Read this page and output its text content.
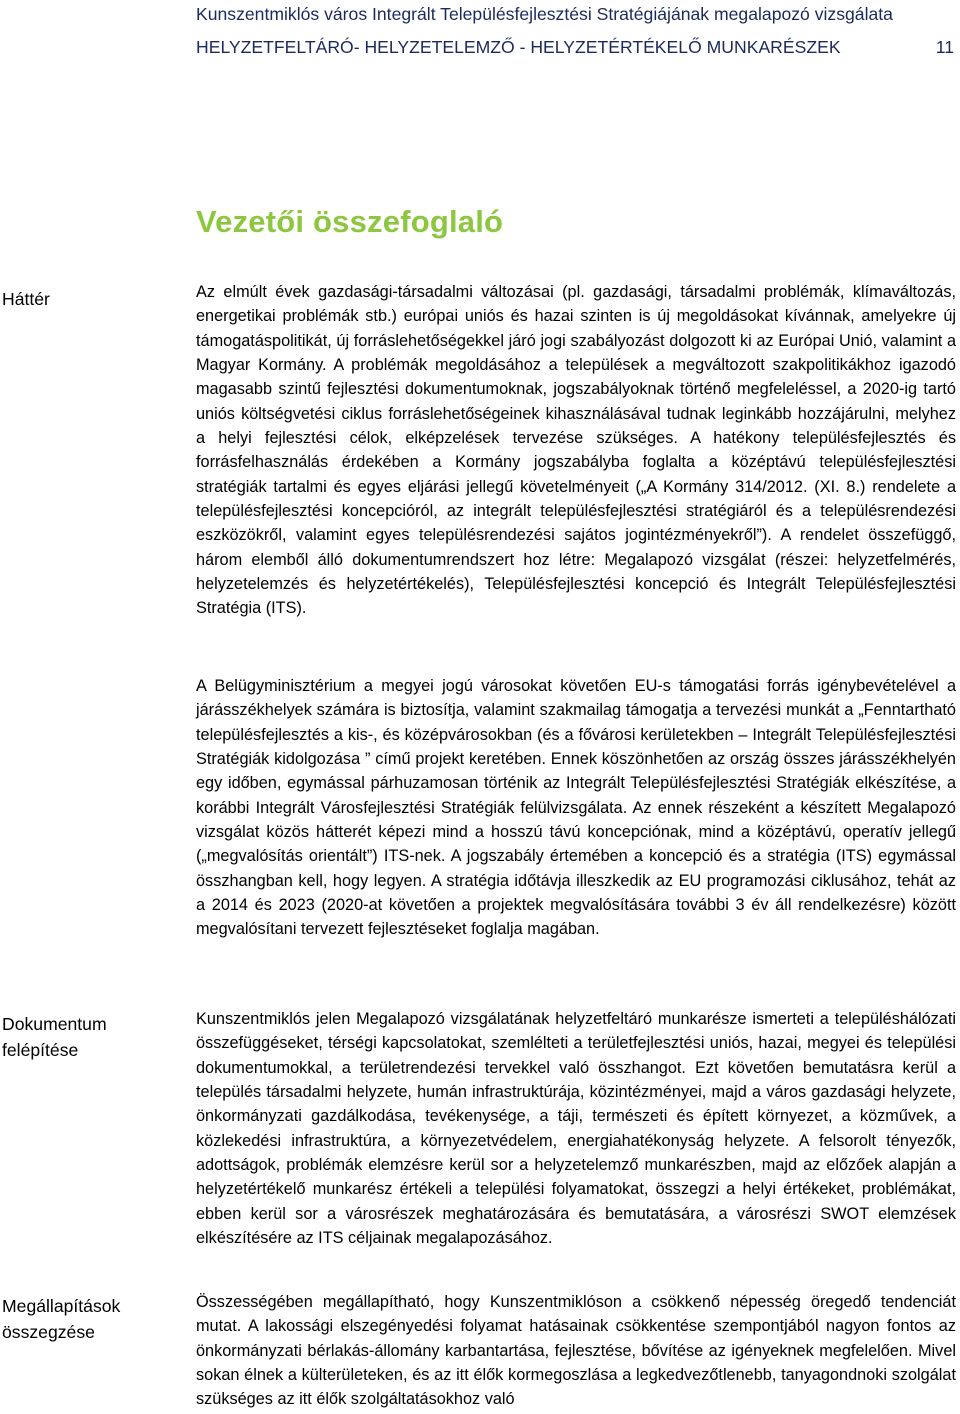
Kunszentmiklós város Integrált Településfejlesztési Stratégiájának megalapozó vizsgálata
HELYZETFELTÁRÓ- HELYZETELEMZŐ - HELYZETÉRTÉKELŐ MUNKARÉSZEK	11
Vezetői összefoglaló
Háttér	Az elmúlt évek gazdasági-társadalmi változásai (pl. gazdasági, társadalmi problémák, klímaváltozás, energetikai problémák stb.) európai uniós és hazai szinten is új megoldásokat kívánnak, amelyekre új támogatáspolitikát, új forráslehetőségekkel járó jogi szabályozást dolgozott ki az Európai Unió, valamint a Magyar Kormány. A problémák megoldásához a települések a megváltozott szakpolitikákhoz igazodó magasabb szintű fejlesztési dokumentumoknak, jogszabályoknak történő megfeleléssel, a 2020-ig tartó uniós költségvetési ciklus forráslehetőségeinek kihasználásával tudnak leginkább hozzájárulni, melyhez a helyi fejlesztési célok, elképzelések tervezése szükséges. A hatékony településfejlesztés és forrásfelhasználás érdekében a Kormány jogszabályba foglalta a középtávú településfejlesztési stratégiák tartalmi és egyes eljárási jellegű követelményeit („A Kormány 314/2012. (XI. 8.) rendelete a településfejlesztési koncepcióról, az integrált településfejlesztési stratégiáról és a településrendezési eszközökről, valamint egyes településrendezési sajátos jogintézményekről”). A rendelet összefüggő, három elemből álló dokumentumrendszert hoz létre: Megalapozó vizsgálat (részei: helyzetfelmérés, helyzetelemzés és helyzetértékelés), Településfejlesztési koncepció és Integrált Településfejlesztési Stratégia (ITS).
A Belügyminisztérium a megyei jogú városokat követően EU-s támogatási forrás igénybevételével a járásszékhelyek számára is biztosítja, valamint szakmailag támogatja a tervezési munkát a „Fenntartható településfejlesztés a kis-, és középvárosokban (és a fővárosi kerületekben – Integrált Településfejlesztési Stratégiák kidolgozása ” című projekt keretében. Ennek köszönhetően az ország összes járásszékhelyén egy időben, egymással párhuzamosan történik az Integrált Településfejlesztési Stratégiák elkészítése, a korábbi Integrált Városfejlesztési Stratégiák felülvizsgálata. Az ennek részeként a készített Megalapozó vizsgálat közös hátterét képezi mind a hosszú távú koncepciónak, mind a középtávú, operatív jellegű („megvalósítás orientált”) ITS-nek. A jogszabály értemében a koncepció és a stratégia (ITS) egymással összhangban kell, hogy legyen. A stratégia időtávja illeszkedik az EU programozási ciklusához, tehát az a 2014 és 2023 (2020-at követően a projektek megvalósítására további 3 év áll rendelkezésre) között megvalósítani tervezett fejlesztéseket foglalja magában.
Dokumentum felépítése
Kunszentmiklós jelen Megalapozó vizsgálatának helyzetfeltáró munkarésze ismerteti a településhálózati összefüggéseket, térségi kapcsolatokat, szemlélteti a területfejlesztési uniós, hazai, megyei és települési dokumentumokkal, a területrendezési tervekkel való összhangot. Ezt követően bemutatásra kerül a település társadalmi helyzete, humán infrastruktúrája, közintézményei, majd a város gazdasági helyzete, önkormányzati gazdálkodása, tevékenysége, a táji, természeti és épített környezet, a közművek, a közlekedési infrastruktúra, a környezetvédelem, energiahatékonyság helyzete. A felsorolt tényezők, adottságok, problémák elemzésre kerül sor a helyzetelemző munkarészben, majd az előzőek alapján a helyzetértékelő munkarész értékeli a települési folyamatokat, összegzi a helyi értékeket, problémákat, ebben kerül sor a városrészek meghatározására és bemutatására, a városrészi SWOT elemzések elkészítésére az ITS céljainak megalapozásához.
Megállapítások összegzése
Összességében megállapítható, hogy Kunszentmiklóson a csökkenő népesség öregedő tendenciát mutat. A lakossági elszegényedési folyamat hatásainak csökkentése szempontjából nagyon fontos az önkormányzati bérlakás-állomány karbantartása, fejlesztése, bővítése az igényeknek megfelelően. Mivel sokan élnek a külterületeken, és az itt élők kormegoszlása a legkedvezőtlenebb, tanyagondnoki szolgálat szükséges az itt élők szolgáltatásokhoz való
